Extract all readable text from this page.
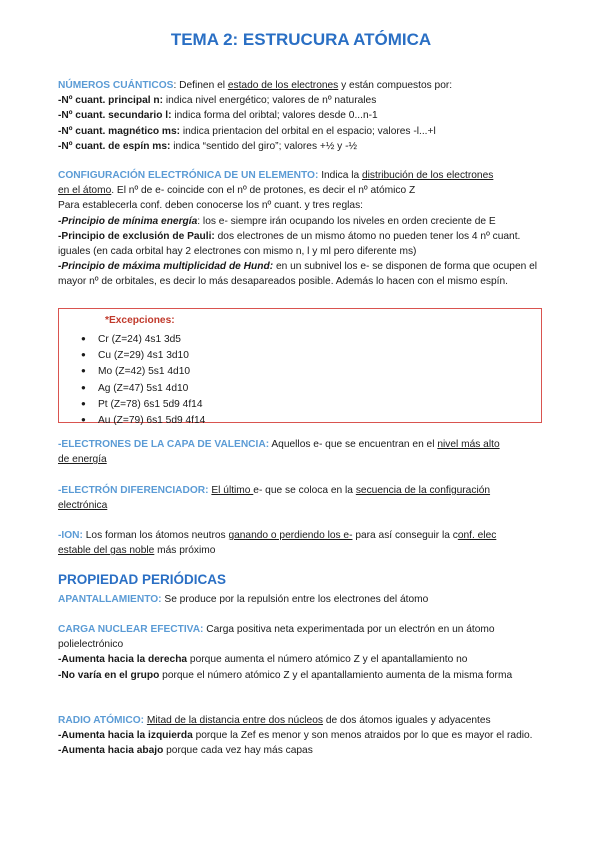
TEMA 2: ESTRUCURA ATÓMICA
NÚMEROS CUÁNTICOS: Definen el estado de los electrones y están compuestos por:
-Nº cuant. principal n: indica nivel energético; valores de nº naturales
-Nº cuant. secundario l: indica forma del oribtal; valores desde 0...n-1
-Nº cuant. magnético ms: indica prientacion del orbital en el espacio; valores -l...+l
-Nº cuant. de espín ms: indica “sentido del giro”; valores +½ y -½
CONFIGURACIÓN ELECTRÓNICA DE UN ELEMENTO: Indica la distribución de los electrones
en el átomo. El nº de e- coincide con el nº de protones, es decir el nº atómico Z
Para establecerla conf. deben conocerse los nº cuant. y tres reglas:
-Principio de mínima energía: los e- siempre irán ocupando los niveles en orden creciente de E
-Principio de exclusión de Pauli: dos electrones de un mismo átomo no pueden tener los 4 nº cuant. iguales (en cada orbital hay 2 electrones con mismo n, l y ml pero diferente ms)
-Principio de máxima multiplicidad de Hund: en un subnivel los e- se disponen de forma que ocupen el mayor nº de orbitales, es decir lo más desapareados posible. Además lo hacen con el mismo espín.
*Excepciones:
● Cr (Z=24) 4s1 3d5
● Cu (Z=29) 4s1 3d10
● Mo (Z=42) 5s1 4d10
● Ag (Z=47) 5s1 4d10
● Pt (Z=78) 6s1 5d9 4f14
● Au (Z=79) 6s1 5d9 4f14
-ELECTRONES DE LA CAPA DE VALENCIA: Aquellos e- que se encuentran en el nivel más alto
de energía
-ELECTRÓN DIFERENCIADOR: El último e- que se coloca en la secuencia de la configuración
electrónica
-ION: Los forman los átomos neutros ganando o perdiendo los e- para así conseguir la conf. elec
estable del gas noble más próximo
PROPIEDAD PERIÓDICAS
APANTALLAMIENTO: Se produce por la repulsión entre los electrones del átomo
CARGA NUCLEAR EFECTIVA: Carga positiva neta experimentada por un electrón en un átomo polielectrónico
-Aumenta hacia la derecha porque aumenta el número atómico Z y el apantallamiento no
-No varía en el grupo porque el número atómico Z y el apantallamiento aumenta de la misma forma
RADIO ATÓMICO: Mitad de la distancia entre dos núcleos de dos átomos iguales y adyacentes
-Aumenta hacia la izquierda porque la Zef es menor y son menos atraidos por lo que es mayor el radio.
-Aumenta hacia abajo porque cada vez hay más capas
